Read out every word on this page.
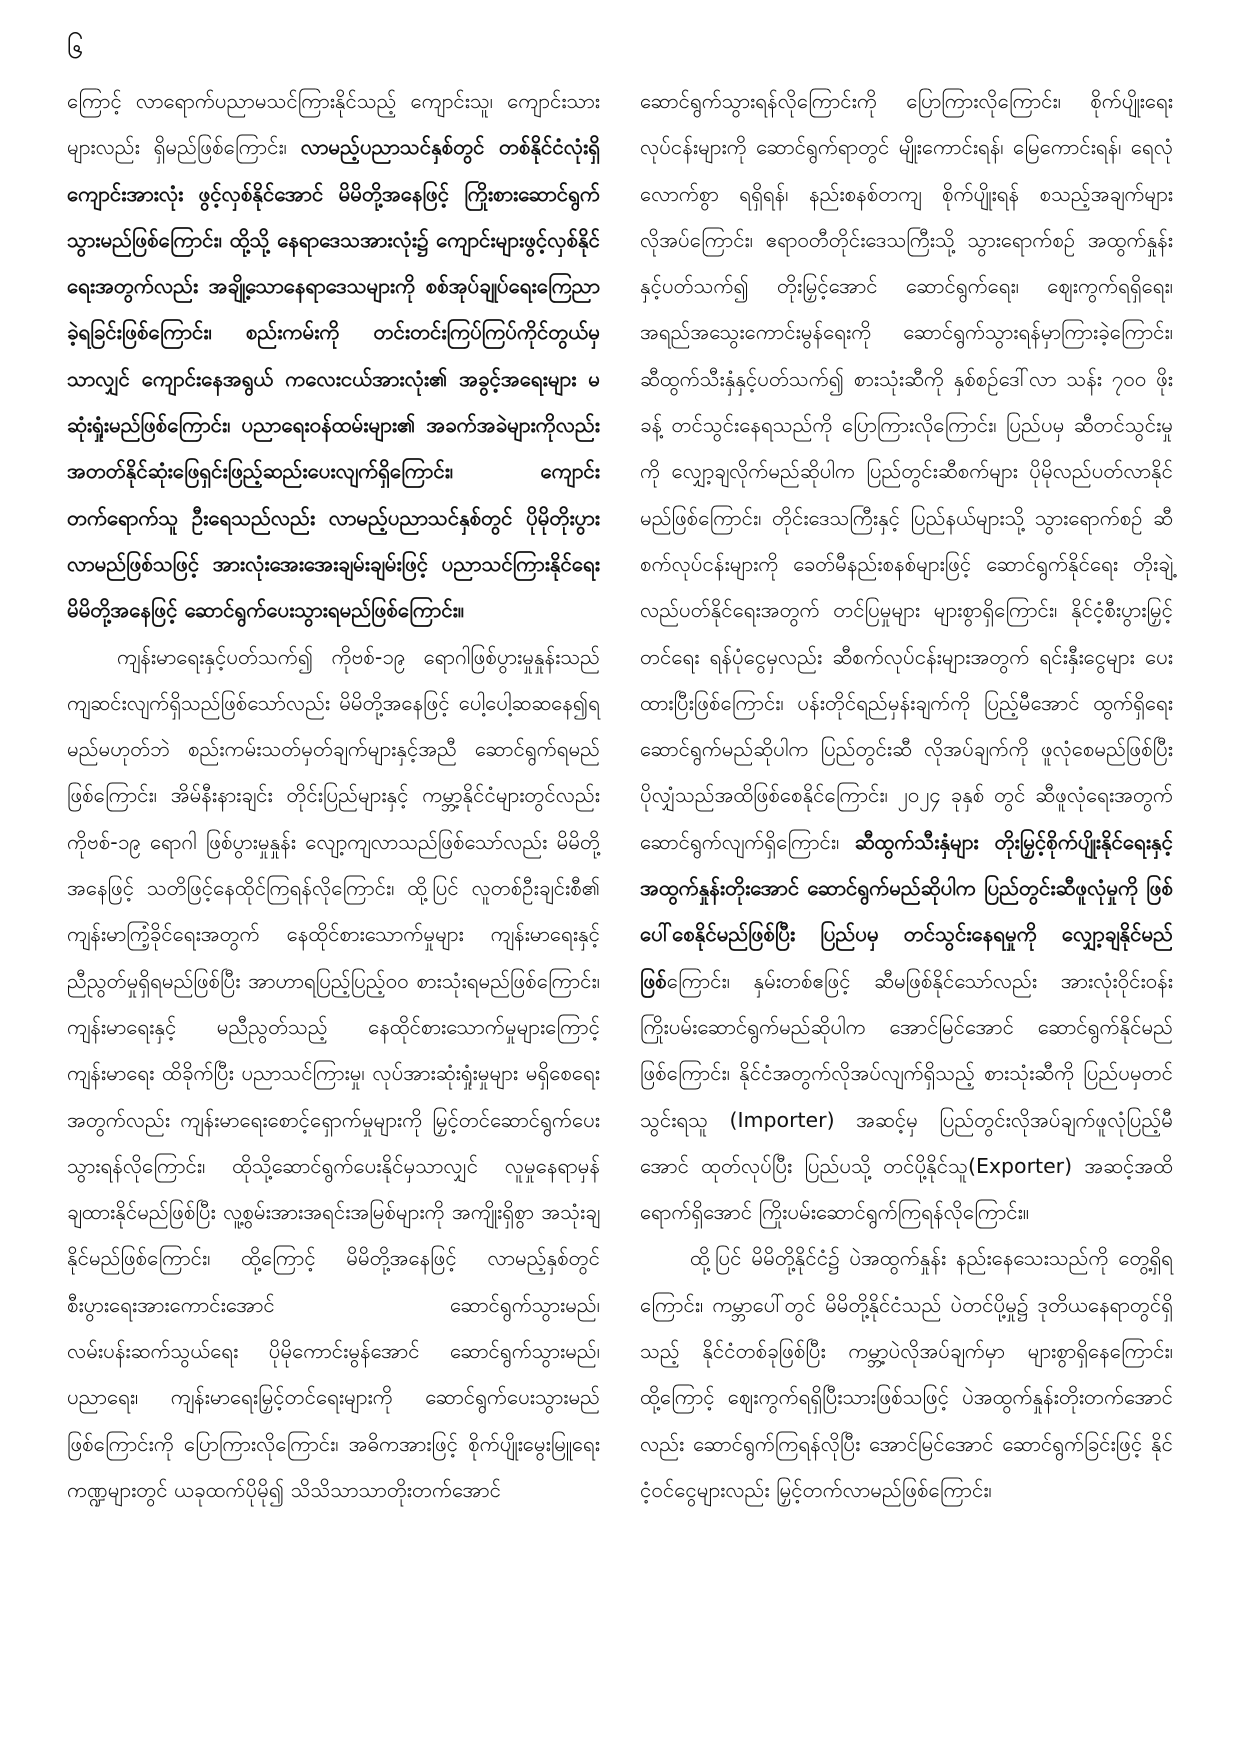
၆

ကြောင့် လာရောက်ပညာမသင်ကြားနိုင်သည့် ကျောင်းသူ၊ ကျောင်းသားများလည်း ရှိမည်ဖြစ်ကြောင်း၊ လာမည့်ပညာသင်နှစ်တွင် တစ်နိုင်ငံလုံးရှိ ကျောင်းအားလုံး ဖွင့်လှစ်နိုင်အောင် မိမိတို့အနေဖြင့် ကြိုးစားဆောင်ရွက်သွားမည်ဖြစ်ကြောင်း၊ ထို့သို့ နေရာဒေသအားလုံး၌ ကျောင်းများဖွင့်လှစ်နိုင်ရေးအတွက်လည်း အချို့သောနေရာဒေသများကို စစ်အုပ်ချုပ်ရေးကြေညာခဲ့ရခြင်းဖြစ်ကြောင်း၊ စည်းကမ်းကို တင်းတင်းကြပ်ကြပ်ကိုင်တွယ်မှသာလျှင် ကျောင်းနေအရွယ် ကလေးငယ်အားလုံး၏ အခွင့်အရေးများ မဆုံးရှုံးမည်ဖြစ်ကြောင်း၊ ပညာရေးဝန်ထမ်းများ၏ အခက်အခဲများကိုလည်း အတတ်နိုင်ဆုံးဖြေရှင်းဖြည့်ဆည်းပေးလျက်ရှိကြောင်း၊ ကျောင်းတက်ရောက်သူ ဦးရေသည်လည်း လာမည့်ပညာသင်နှစ်တွင် ပိုမိုတိုးပွားလာမည်ဖြစ်သဖြင့် အားလုံးအေးအေးချမ်းချမ်းဖြင့် ပညာသင်ကြားနိုင်ရေး မိမိတို့အနေဖြင့် ဆောင်ရွက်ပေးသွားရမည်ဖြစ်ကြောင်း။

ကျန်းမာရေးနှင့်ပတ်သက်၍ ကိုဗစ်-၁၉ ရောဂါဖြစ်ပွားမှုနှုန်းသည် ကျဆင်းလျက်ရှိသည်ဖြစ်သော်လည်း မိမိတို့အနေဖြင့် ပေါ့ပေါ့ဆဆနေ၍ရမည်မဟုတ်ဘဲ စည်းကမ်းသတ်မှတ်ချက်များနှင့်အညီ ဆောင်ရွက်ရမည်ဖြစ်ကြောင်း၊ အိမ်နီးနားချင်း တိုင်းပြည်များနှင့် ကမ္ဘာ့နိုင်ငံများတွင်လည်း ကိုဗစ်-၁၉ ရောဂါ ဖြစ်ပွားမှုနှုန်း လျော့ကျလာသည်ဖြစ်သော်လည်း မိမိတို့အနေဖြင့် သတိဖြင့်နေထိုင်ကြရန်လိုကြောင်း၊ ထို့ပြင် လူတစ်ဦးချင်းစီ၏ ကျန်းမာကြံ့ခိုင်ရေးအတွက် နေထိုင်စားသောက်မှုများ ကျန်းမာရေးနှင့်ညီညွတ်မှုရှိရမည်ဖြစ်ပြီး အာဟာရပြည့်ပြည့်ဝဝ စားသုံးရမည်ဖြစ်ကြောင်း၊ ကျန်းမာရေးနှင့် မညီညွတ်သည့် နေထိုင်စားသောက်မှုများကြောင့် ကျန်းမာရေး ထိခိုက်ပြီး ပညာသင်ကြားမှု၊ လုပ်အားဆုံးရှုံးမှုများ မရှိစေရေးအတွက်လည်း ကျန်းမာရေးစောင့်ရှောက်မှုများကို မြှင့်တင်ဆောင်ရွက်ပေးသွားရန်လိုကြောင်း၊ ထိုသို့ဆောင်ရွက်ပေးနိုင်မှသာလျှင် လူမှုနေရာမှန်ချထားနိုင်မည်ဖြစ်ပြီး လူ့စွမ်းအားအရင်းအမြစ်များကို အကျိုးရှိစွာ အသုံးချနိုင်မည်ဖြစ်ကြောင်း၊ ထို့ကြောင့် မိမိတို့အနေဖြင့် လာမည့်နှစ်တွင် စီးပွားရေးအားကောင်းအောင် ဆောင်ရွက်သွားမည်၊ လမ်းပန်းဆက်သွယ်ရေး ပိုမိုကောင်းမွန်အောင် ဆောင်ရွက်သွားမည်၊ ပညာရေး၊ ကျန်းမာရေးမြှင့်တင်ရေးများကို ဆောင်ရွက်ပေးသွားမည်ဖြစ်ကြောင်းကို ပြောကြားလိုကြောင်း၊ အဓိကအားဖြင့် စိုက်ပျိုးမွေးမြူရေး ကဏ္ဍများတွင် ယခုထက်ပိုမို၍ သိသိသာသာတိုးတက်အောင်

ဆောင်ရွက်သွားရန်လိုကြောင်းကို ပြောကြားလိုကြောင်း၊ စိုက်ပျိုးရေးလုပ်ငန်းများကို ဆောင်ရွက်ရာတွင် မျိုးကောင်းရန်၊ မြေကောင်းရန်၊ ရေလုံလောက်စွာ ရရှိရန်၊ နည်းစနစ်တကျ စိုက်ပျိုးရန် စသည့်အချက်များ လိုအပ်ကြောင်း၊ ဧရာဝတီတိုင်းဒေသကြီးသို့ သွားရောက်စဉ် အထွက်နှုန်းနှင့်ပတ်သက်၍ တိုးမြှင့်အောင် ဆောင်ရွက်ရေး၊ ဈေးကွက်ရရှိရေး၊ အရည်အသွေးကောင်းမွန်ရေးကို ဆောင်ရွက်သွားရန်မှာကြားခဲ့ကြောင်း၊ ဆီထွက်သီးနှံနှင့်ပတ်သက်၍ စားသုံးဆီကို နှစ်စဉ်ဒေါ်လာ သန်း ၇၀၀ ဖိုးခန့် တင်သွင်းနေရသည်ကို ပြောကြားလိုကြောင်း၊ ပြည်ပမှ ဆီတင်သွင်းမှုကို လျှော့ချလိုက်မည်ဆိုပါက ပြည်တွင်းဆီစက်များ ပိုမိုလည်ပတ်လာနိုင်မည်ဖြစ်ကြောင်း၊ တိုင်းဒေသကြီးနှင့် ပြည်နယ်များသို့ သွားရောက်စဉ် ဆီစက်လုပ်ငန်းများကို ခေတ်မီနည်းစနစ်များဖြင့် ဆောင်ရွက်နိုင်ရေး တိုးချဲ့လည်ပတ်နိုင်ရေးအတွက် တင်ပြမှုများ များစွာရှိကြောင်း၊ နိုင်ငံ့စီးပွားမြှင့်တင်ရေး ရန်ပုံငွေမှလည်း ဆီစက်လုပ်ငန်းများအတွက် ရင်းနှီးငွေများ ပေးထားပြီးဖြစ်ကြောင်း၊ ပန်းတိုင်ရည်မှန်းချက်ကို ပြည့်မီအောင် ထွက်ရှိရေးဆောင်ရွက်မည်ဆိုပါက ပြည်တွင်းဆီ လိုအပ်ချက်ကို ဖူလုံစေမည်ဖြစ်ပြီး ပိုလျှံသည်အထိဖြစ်စေနိုင်ကြောင်း၊ ၂၀၂၄ ခုနှစ် တွင် ဆီဖူလုံရေးအတွက် ဆောင်ရွက်လျက်ရှိကြောင်း၊ ဆီထွက်သီးနှံများ တိုးမြှင့်စိုက်ပျိုးနိုင်ရေးနှင့် အထွက်နှုန်းတိုးအောင် ဆောင်ရွက်မည်ဆိုပါက ပြည်တွင်းဆီဖူလုံမှုကို ဖြစ်ပေါ်စေနိုင်မည်ဖြစ်ပြီး ပြည်ပမှ တင်သွင်းနေရမှုကို လျှော့ချနိုင်မည်ဖြစ်ကြောင်း၊ နှမ်းတစ်ဧဖြင့် ဆီမဖြစ်နိုင်သော်လည်း အားလုံးဝိုင်းဝန်းကြိုးပမ်းဆောင်ရွက်မည်ဆိုပါက အောင်မြင်အောင် ဆောင်ရွက်နိုင်မည်ဖြစ်ကြောင်း၊ နိုင်ငံအတွက်လိုအပ်လျက်ရှိသည့် စားသုံးဆီကို ပြည်ပမှတင်သွင်းရသူ (Importer) အဆင့်မှ ပြည်တွင်းလိုအပ်ချက်ဖူလုံပြည့်မီအောင် ထုတ်လုပ်ပြီး ပြည်ပသို့ တင်ပို့နိုင်သူ(Exporter) အဆင့်အထိရောက်ရှိအောင် ကြိုးပမ်းဆောင်ရွက်ကြရန်လိုကြောင်း။

ထို့ပြင် မိမိတို့နိုင်ငံ၌ ပဲအထွက်နှုန်း နည်းနေသေးသည်ကို တွေ့ရှိရကြောင်း၊ ကမ္ဘာပေါ်တွင် မိမိတို့နိုင်ငံသည် ပဲတင်ပို့မှု၌ ဒုတိယနေရာတွင်ရှိသည့် နိုင်ငံတစ်ခုဖြစ်ပြီး ကမ္ဘာ့ပဲလိုအပ်ချက်မှာ များစွာရှိနေကြောင်း၊ ထို့ကြောင့် ဈေးကွက်ရရှိပြီးသားဖြစ်သဖြင့် ပဲအထွက်နှုန်းတိုးတက်အောင်လည်း ဆောင်ရွက်ကြရန်လိုပြီး အောင်မြင်အောင် ဆောင်ရွက်ခြင်းဖြင့် နိုင်ငံ့ဝင်ငွေများလည်း မြှင့်တက်လာမည်ဖြစ်ကြောင်း၊
